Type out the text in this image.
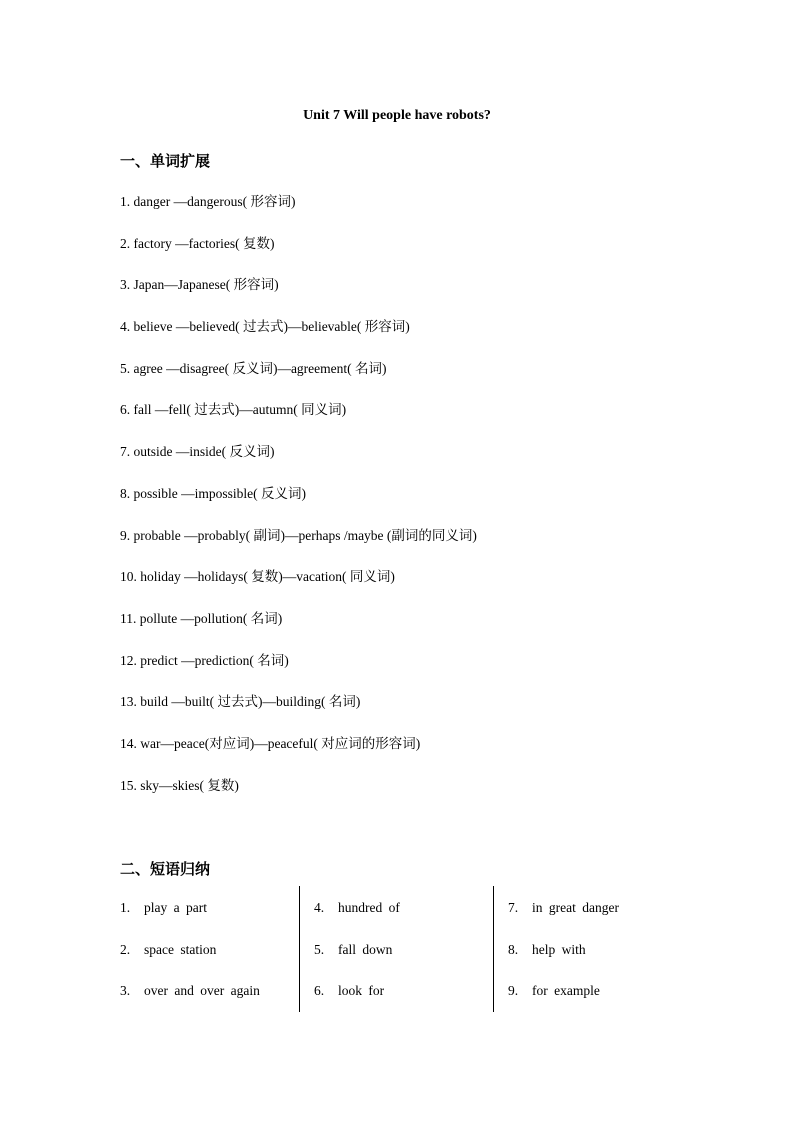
Unit 7 Will people have robots?
一、单词扩展
1. danger —dangerous( 形容词)
2. factory —factories( 复数)
3. Japan—Japanese( 形容词)
4. believe —believed( 过去式)—believable( 形容词)
5. agree —disagree( 反义词)—agreement( 名词)
6. fall —fell( 过去式)—autumn( 同义词)
7. outside —inside( 反义词)
8. possible —impossible( 反义词)
9. probable —probably( 副词)—perhaps /maybe (副词的同义词)
10. holiday —holidays( 复数)—vacation( 同义词)
11. pollute —pollution( 名词)
12. predict —prediction( 名词)
13. build —built( 过去式)—building( 名词)
14. war—peace(对应词)—peaceful( 对应词的形容词)
15. sky—skies( 复数)
二、短语归纳
1. play a part
2. space station
3. over and over again
4. hundred of
5. fall down
6. look for
7. in great danger
8. help with
9. for example
